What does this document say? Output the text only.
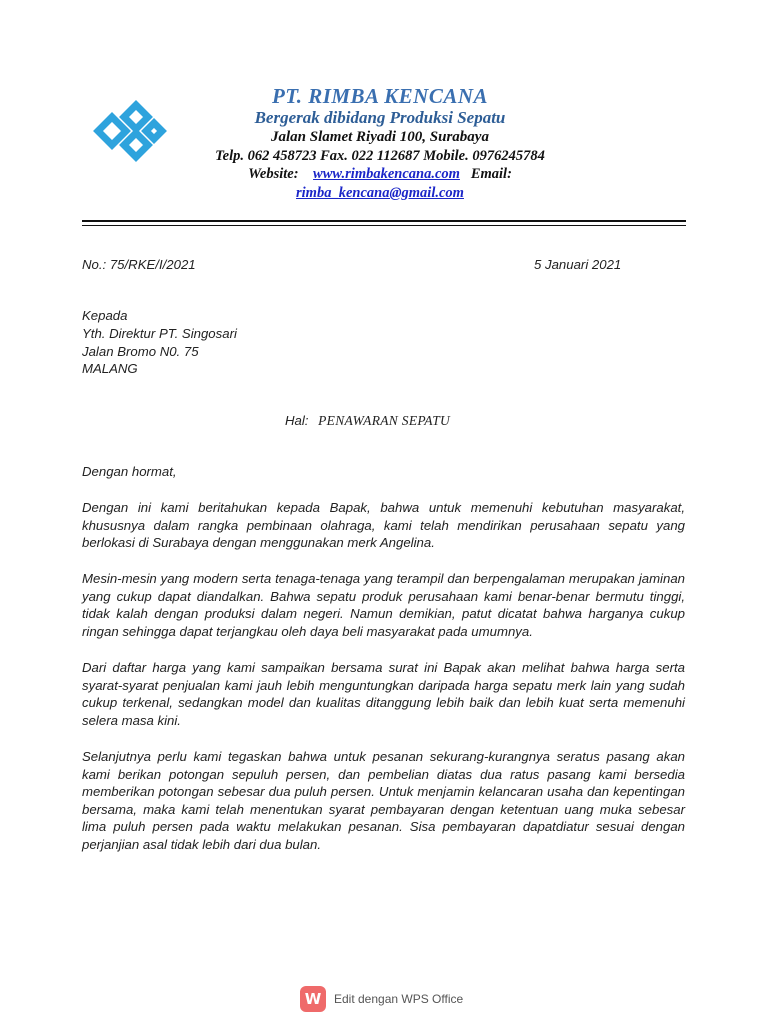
PT. RIMBA KENCANA
Bergerak dibidang Produksi Sepatu
Jalan Slamet Riyadi 100, Surabaya
Telp. 062 458723 Fax. 022 112687 Mobile. 0976245784
Website: www.rimbakencana.com Email:
rimba_kencana@gmail.com
No.: 75/RKE/I/2021	5 Januari 2021
Kepada
Yth. Direktur PT. Singosari
Jalan Bromo N0. 75
MALANG
Hal: PENAWARAN SEPATU
Dengan hormat,
Dengan ini kami beritahukan kepada Bapak, bahwa untuk memenuhi kebutuhan masyarakat, khususnya dalam rangka pembinaan olahraga, kami telah mendirikan perusahaan sepatu yang berlokasi di Surabaya dengan menggunakan merk Angelina.
Mesin-mesin yang modern serta tenaga-tenaga yang terampil dan berpengalaman merupakan jaminan yang cukup dapat diandalkan. Bahwa sepatu produk perusahaan kami benar-benar bermutu tinggi, tidak kalah dengan produksi dalam negeri. Namun demikian, patut dicatat bahwa harganya cukup ringan sehingga dapat terjangkau oleh daya beli masyarakat pada umumnya.
Dari daftar harga yang kami sampaikan bersama surat ini Bapak akan melihat bahwa harga serta syarat-syarat penjualan kami jauh lebih menguntungkan daripada harga sepatu merk lain yang sudah cukup terkenal, sedangkan model dan kualitas ditanggung lebih baik dan lebih kuat serta memenuhi selera masa kini.
Selanjutnya perlu kami tegaskan bahwa untuk pesanan sekurang-kurangnya seratus pasang akan kami berikan potongan sepuluh persen, dan pembelian diatas dua ratus pasang kami bersedia memberikan potongan sebesar dua puluh persen. Untuk menjamin kelancaran usaha dan kepentingan bersama, maka kami telah menentukan syarat pembayaran dengan ketentuan uang muka sebesar lima puluh persen pada waktu melakukan pesanan. Sisa pembayaran dapatdiatur sesuai dengan perjanjian asal tidak lebih dari dua bulan.
W	Edit dengan WPS Office
